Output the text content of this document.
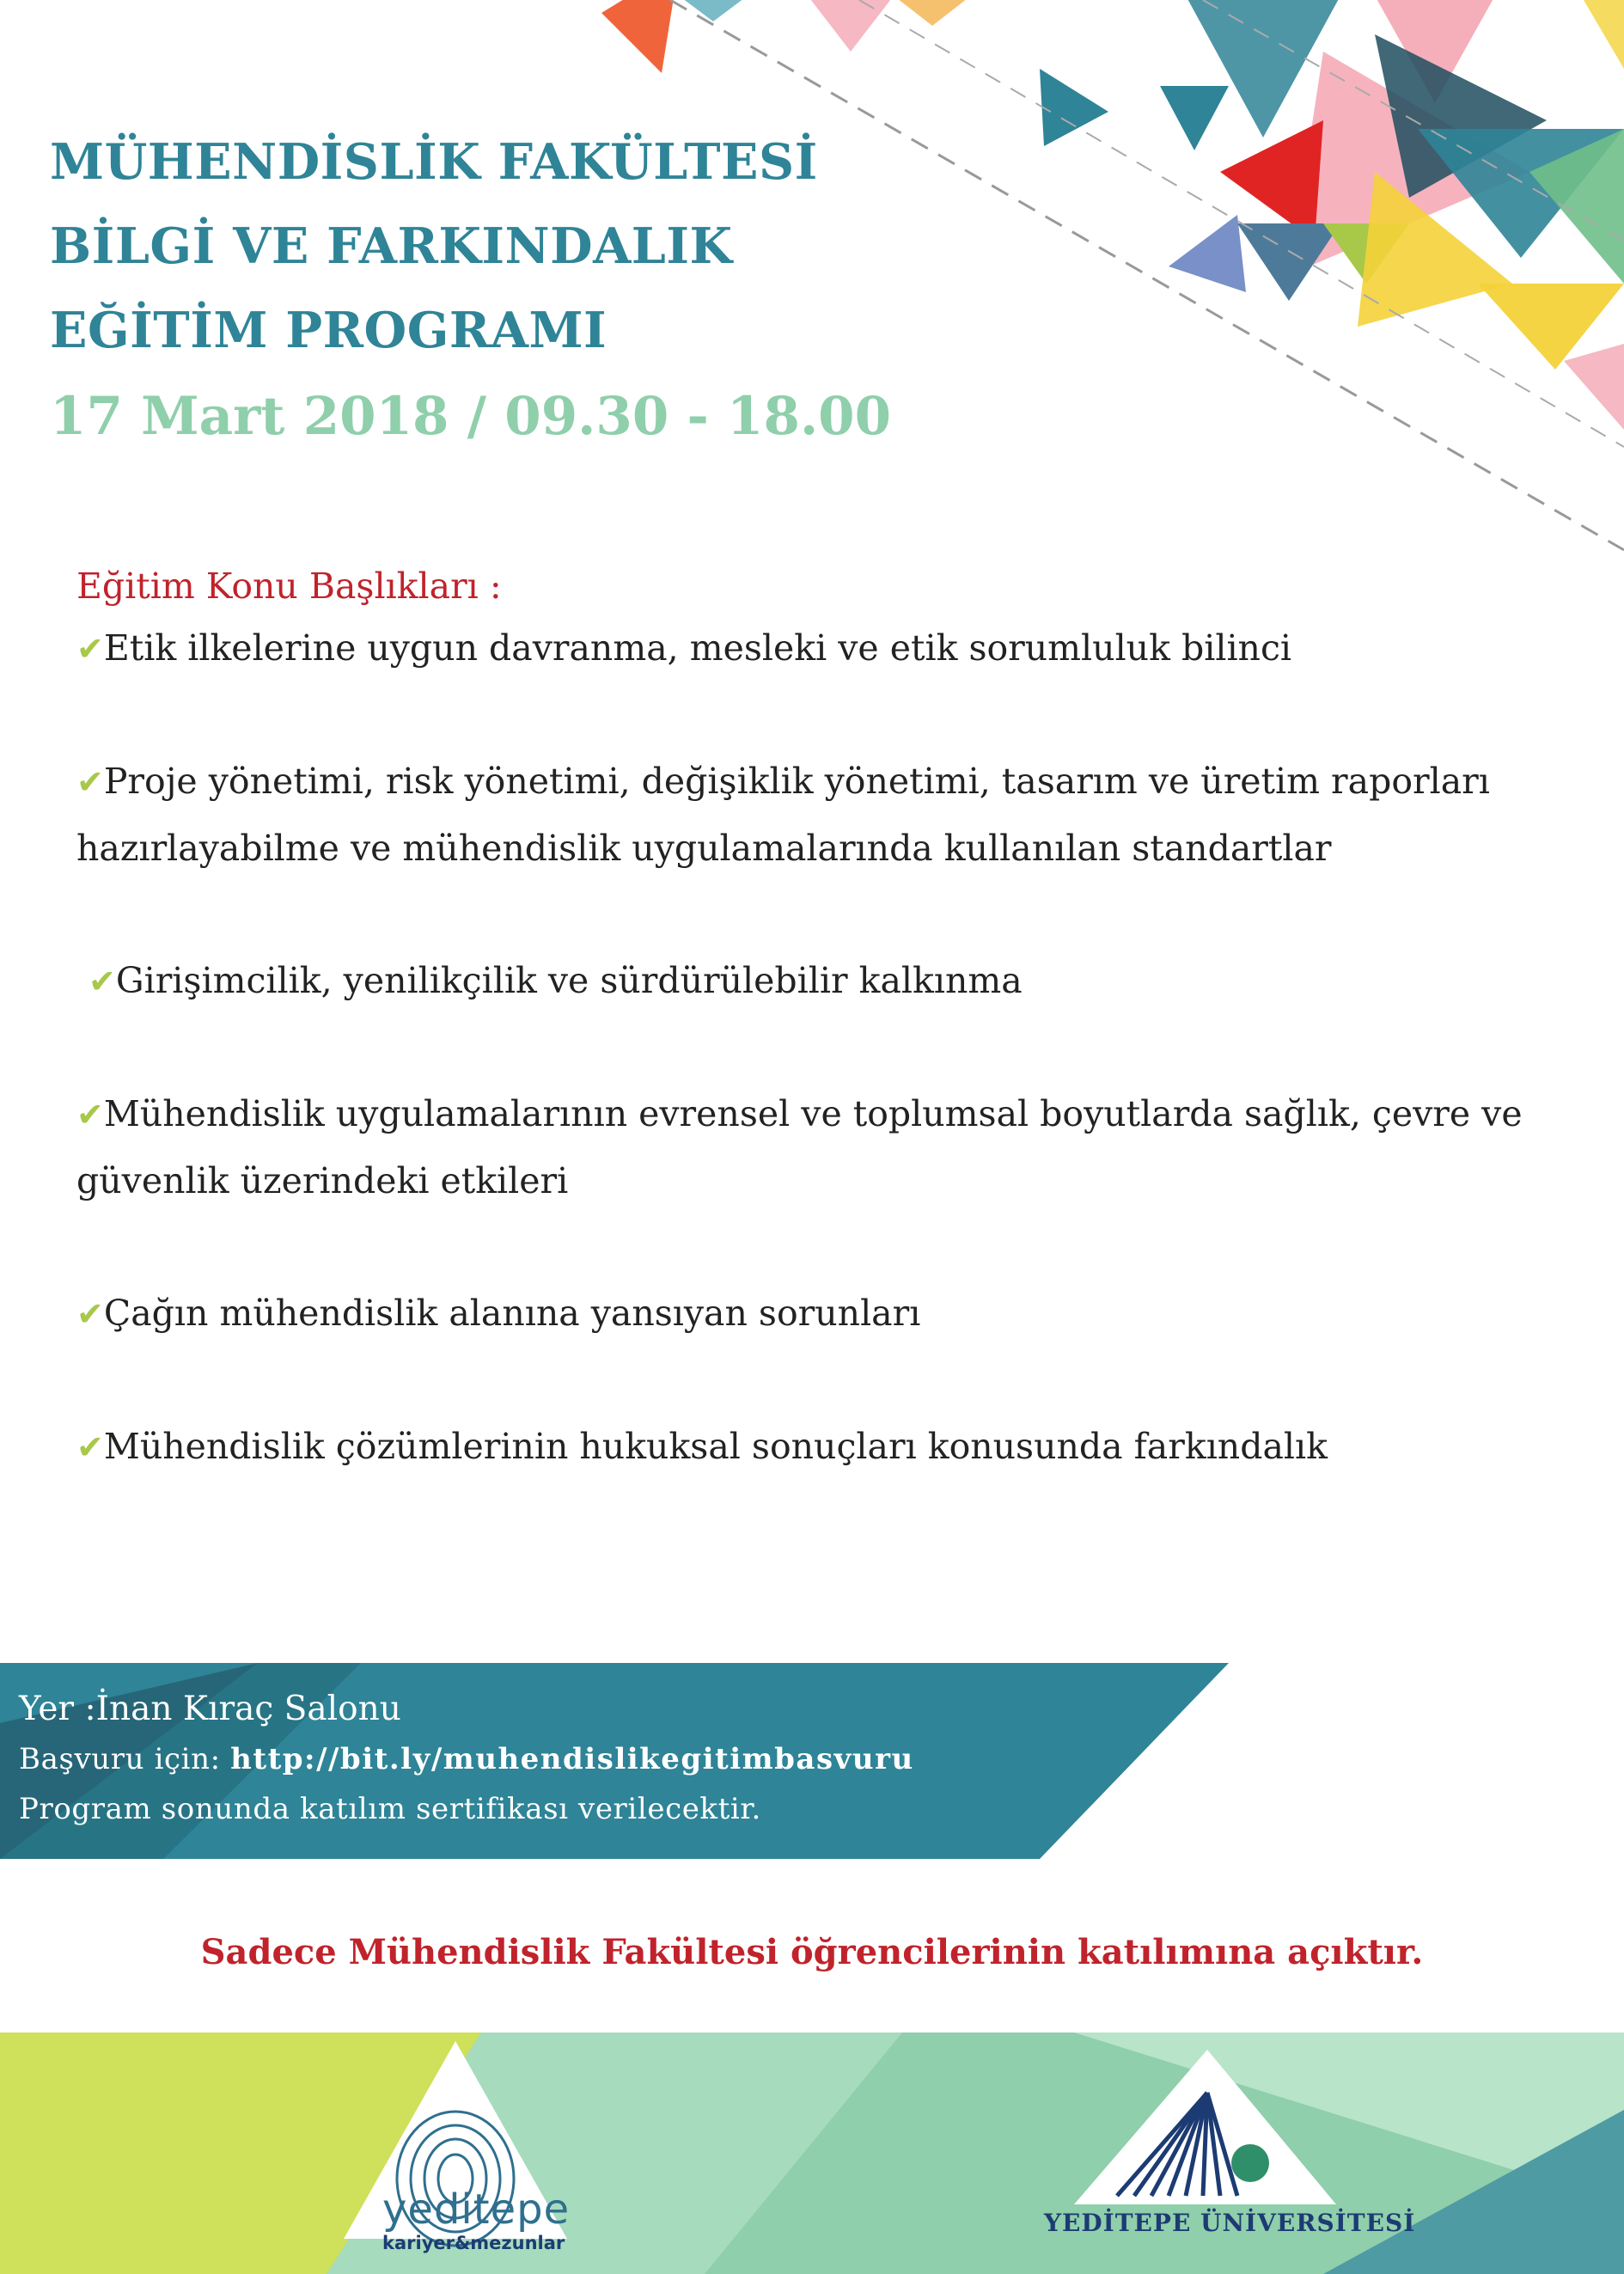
MÜHENDİSLİK FAKÜLTESİ
BİLGİ VE FARKINDALIK
EĞİTİM PROGRAMI
17 Mart 2018 / 09.30 - 18.00

Eğitim Konu Başlıkları :

✔Etik ilkelerine uygun davranma, mesleki ve etik sorumluluk bilinci

✔Proje yönetimi, risk yönetimi, değişiklik yönetimi, tasarım ve üretim raporları hazırlayabilme ve mühendislik uygulamalarında kullanılan standartlar

✔Girişimcilik, yenilikçilik ve sürdürülebilir kalkınma

✔Mühendislik uygulamalarının evrensel ve toplumsal boyutlarda sağlık, çevre ve güvenlik üzerindeki etkileri

✔Çağın mühendislik alanına yansıyan sorunları

✔Mühendislik çözümlerinin hukuksal sonuçları konusunda farkındalık

Yer :İnan Kıraç Salonu
Başvuru için: http://bit.ly/muhendislikegitimbasvuru
Program sonunda katılım sertifikası verilecektir.
Sadece Mühendislik Fakültesi öğrencilerinin katılımına açıktır.
yeditepe
kariyer&mezunlar
YEDİTEPE ÜNİVERSİTESİ
